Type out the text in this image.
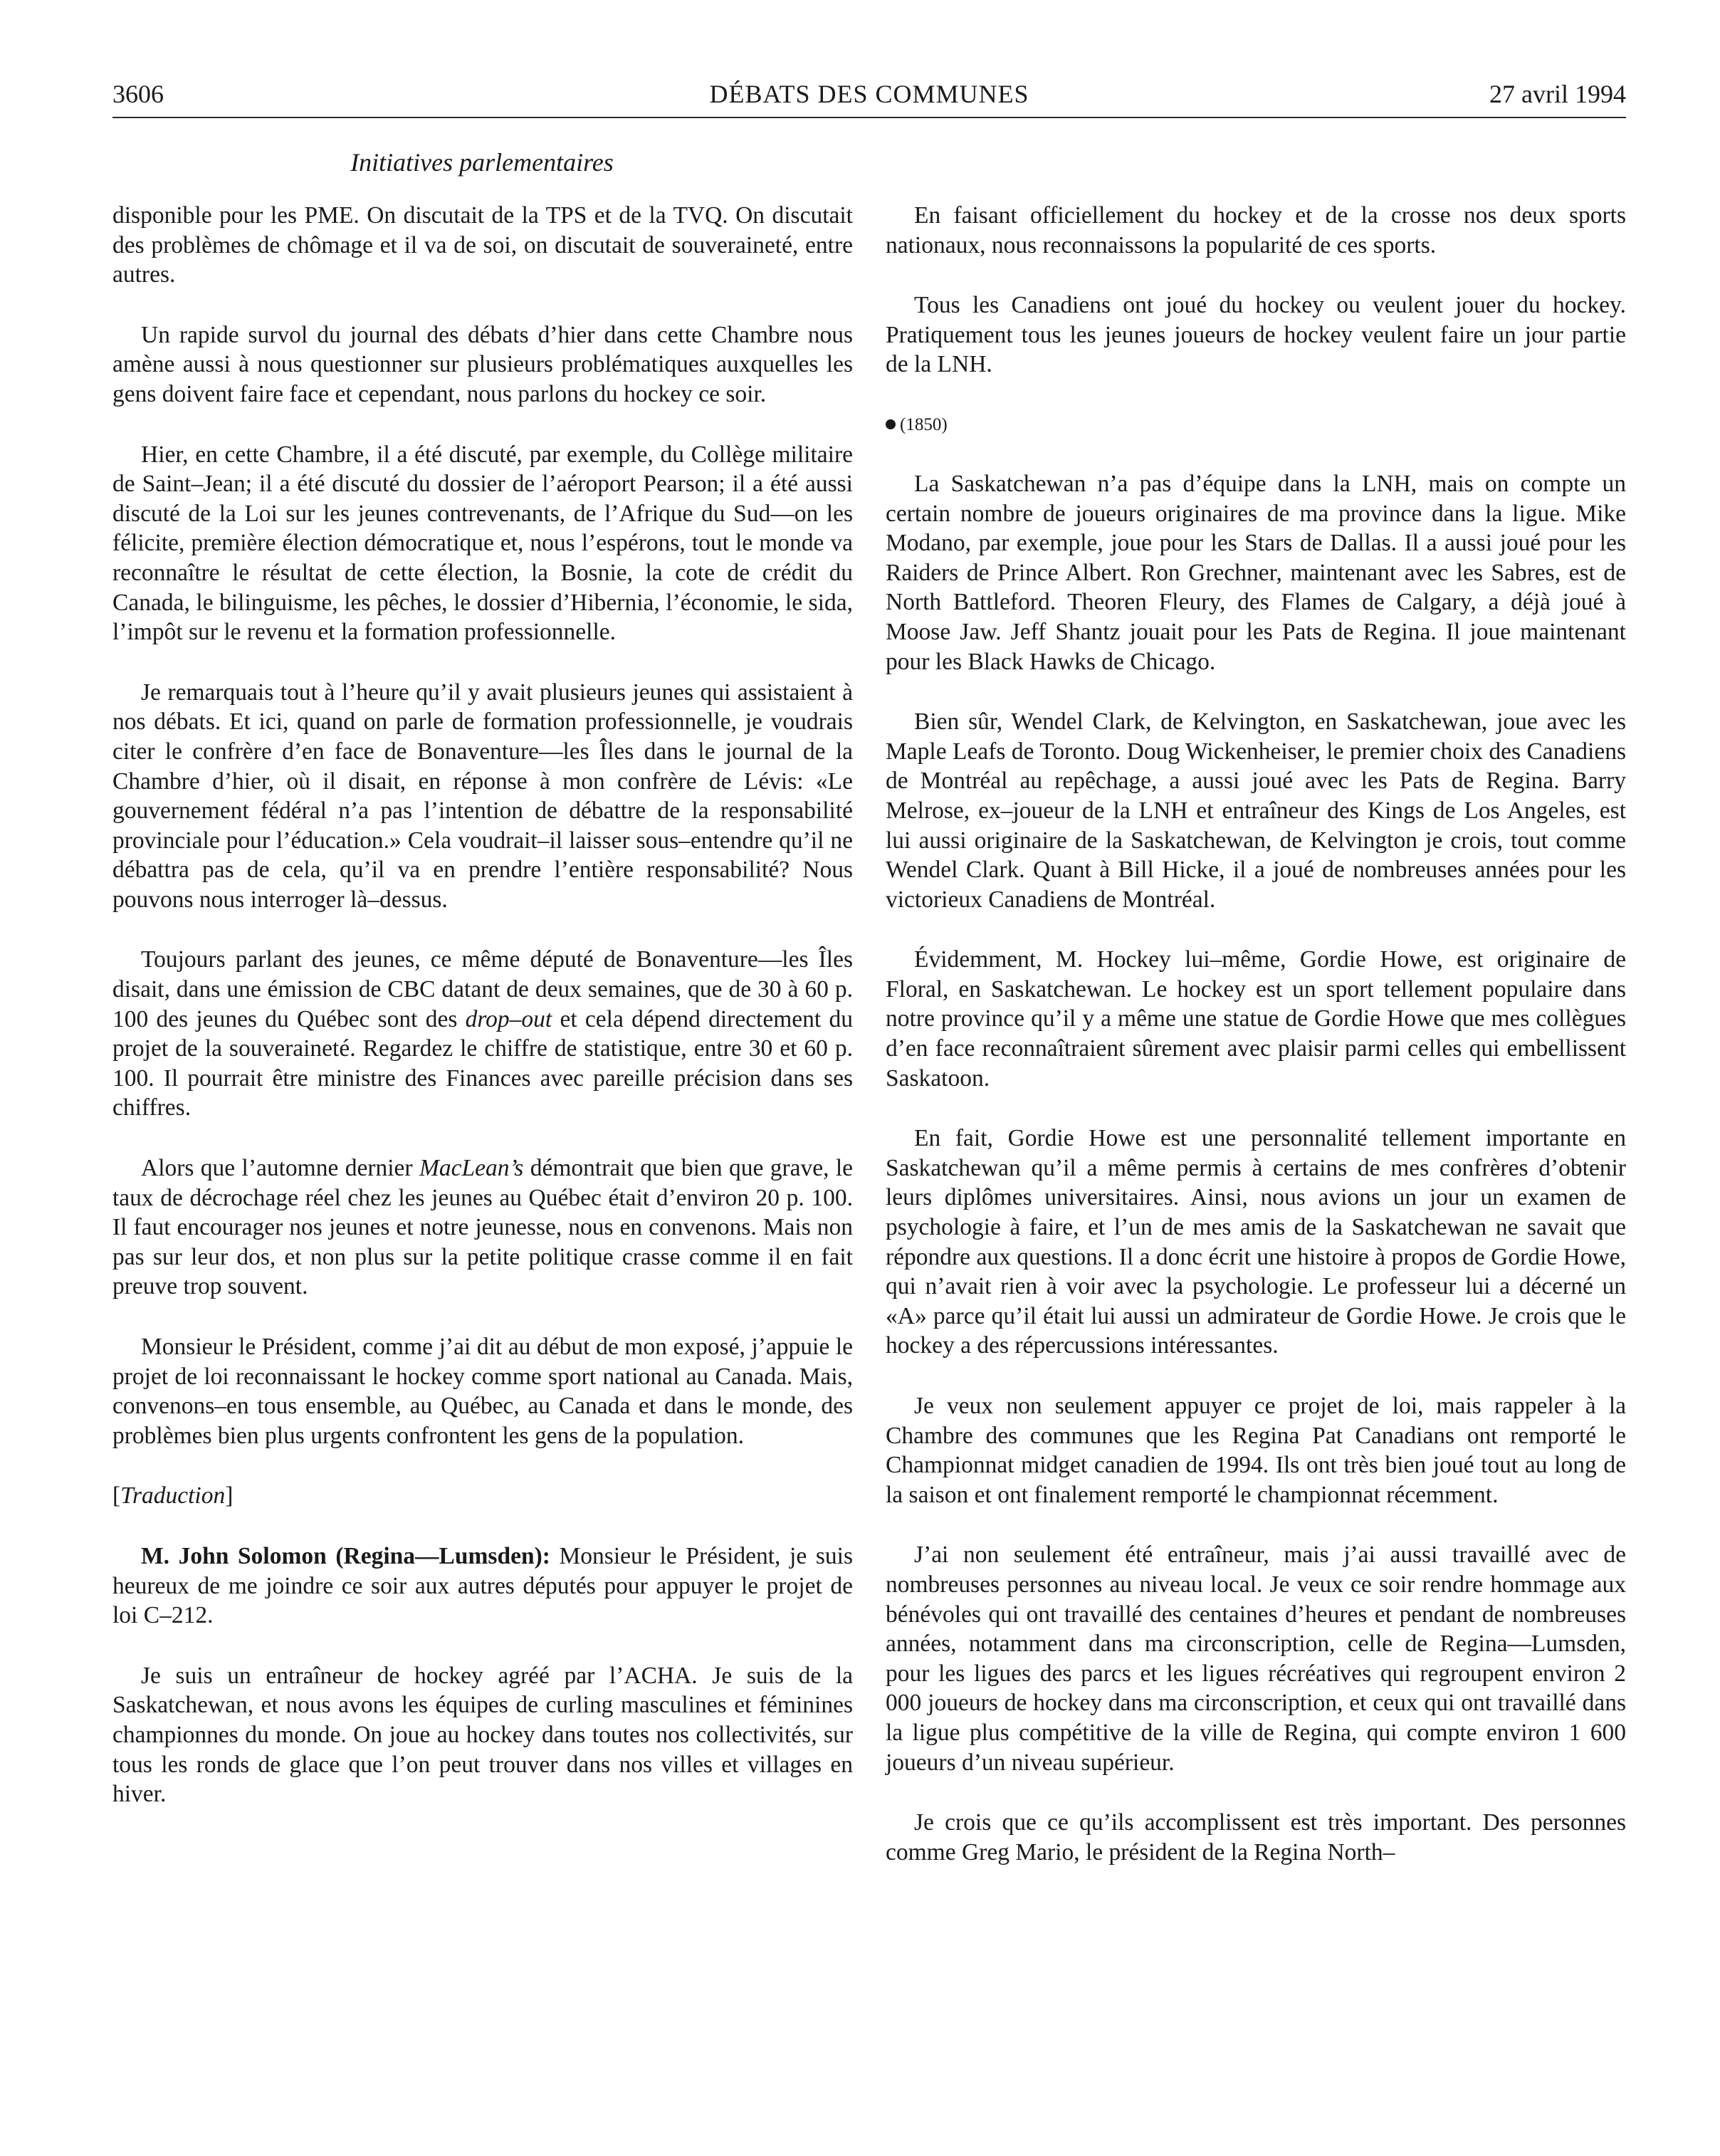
DÉBATS DES COMMUNES
3606	27 avril 1994
Initiatives parlementaires

disponible pour les PME. On discutait de la TPS et de la TVQ. On discutait des problèmes de chômage et il va de soi, on discutait de souveraineté, entre autres.

Un rapide survol du journal des débats d’hier dans cette Chambre nous amène aussi à nous questionner sur plusieurs problématiques auxquelles les gens doivent faire face et cependant, nous parlons du hockey ce soir.

Hier, en cette Chambre, il a été discuté, par exemple, du Collège militaire de Saint–Jean; il a été discuté du dossier de l’aéroport Pearson; il a été aussi discuté de la Loi sur les jeunes contrevenants, de l’Afrique du Sud—on les félicite, première élection démocratique et, nous l’espérons, tout le monde va reconnaître le résultat de cette élection, la Bosnie, la cote de crédit du Canada, le bilinguisme, les pêches, le dossier d’Hibernia, l’économie, le sida, l’impôt sur le revenu et la formation professionnelle.

Je remarquais tout à l’heure qu’il y avait plusieurs jeunes qui assistaient à nos débats. Et ici, quand on parle de formation professionnelle, je voudrais citer le confrère d’en face de Bonaventure—les Îles dans le journal de la Chambre d’hier, où il disait, en réponse à mon confrère de Lévis: «Le gouvernement fédéral n’a pas l’intention de débattre de la responsabilité provinciale pour l’éducation.» Cela voudrait–il laisser sous–entendre qu’il ne débattra pas de cela, qu’il va en prendre l’entière responsabilité? Nous pouvons nous interroger là–dessus.

Toujours parlant des jeunes, ce même député de Bonaventure—les Îles disait, dans une émission de CBC datant de deux semaines, que de 30 à 60 p. 100 des jeunes du Québec sont des drop–out et cela dépend directement du projet de la souveraineté. Regardez le chiffre de statistique, entre 30 et 60 p. 100. Il pourrait être ministre des Finances avec pareille précision dans ses chiffres.

Alors que l’automne dernier MacLean’s démontrait que bien que grave, le taux de décrochage réel chez les jeunes au Québec était d’environ 20 p. 100. Il faut encourager nos jeunes et notre jeunesse, nous en convenons. Mais non pas sur leur dos, et non plus sur la petite politique crasse comme il en fait preuve trop souvent.

Monsieur le Président, comme j’ai dit au début de mon exposé, j’appuie le projet de loi reconnaissant le hockey comme sport national au Canada. Mais, convenons–en tous ensemble, au Québec, au Canada et dans le monde, des problèmes bien plus urgents confrontent les gens de la population.

[Traduction]

M. John Solomon (Regina—Lumsden): Monsieur le Président, je suis heureux de me joindre ce soir aux autres députés pour appuyer le projet de loi C–212.

Je suis un entraîneur de hockey agréé par l’ACHA. Je suis de la Saskatchewan, et nous avons les équipes de curling masculines et féminines championnes du monde. On joue au hockey dans toutes nos collectivités, sur tous les ronds de glace que l’on peut trouver dans nos villes et villages en hiver.

En faisant officiellement du hockey et de la crosse nos deux sports nationaux, nous reconnaissons la popularité de ces sports.

Tous les Canadiens ont joué du hockey ou veulent jouer du hockey. Pratiquement tous les jeunes joueurs de hockey veulent faire un jour partie de la LNH.

(1850)

La Saskatchewan n’a pas d’équipe dans la LNH, mais on compte un certain nombre de joueurs originaires de ma province dans la ligue. Mike Modano, par exemple, joue pour les Stars de Dallas. Il a aussi joué pour les Raiders de Prince Albert. Ron Grechner, maintenant avec les Sabres, est de North Battleford. Theoren Fleury, des Flames de Calgary, a déjà joué à Moose Jaw. Jeff Shantz jouait pour les Pats de Regina. Il joue maintenant pour les Black Hawks de Chicago.

Bien sûr, Wendel Clark, de Kelvington, en Saskatchewan, joue avec les Maple Leafs de Toronto. Doug Wickenheiser, le premier choix des Canadiens de Montréal au repêchage, a aussi joué avec les Pats de Regina. Barry Melrose, ex–joueur de la LNH et entraîneur des Kings de Los Angeles, est lui aussi originaire de la Saskatchewan, de Kelvington je crois, tout comme Wendel Clark. Quant à Bill Hicke, il a joué de nombreuses années pour les victorieux Canadiens de Montréal.

Évidemment, M. Hockey lui–même, Gordie Howe, est originaire de Floral, en Saskatchewan. Le hockey est un sport tellement populaire dans notre province qu’il y a même une statue de Gordie Howe que mes collègues d’en face reconnaîtraient sûrement avec plaisir parmi celles qui embellissent Saskatoon.

En fait, Gordie Howe est une personnalité tellement importante en Saskatchewan qu’il a même permis à certains de mes confrères d’obtenir leurs diplômes universitaires. Ainsi, nous avions un jour un examen de psychologie à faire, et l’un de mes amis de la Saskatchewan ne savait que répondre aux questions. Il a donc écrit une histoire à propos de Gordie Howe, qui n’avait rien à voir avec la psychologie. Le professeur lui a décerné un «A» parce qu’il était lui aussi un admirateur de Gordie Howe. Je crois que le hockey a des répercussions intéressantes.

Je veux non seulement appuyer ce projet de loi, mais rappeler à la Chambre des communes que les Regina Pat Canadians ont remporté le Championnat midget canadien de 1994. Ils ont très bien joué tout au long de la saison et ont finalement remporté le championnat récemment.

J’ai non seulement été entraîneur, mais j’ai aussi travaillé avec de nombreuses personnes au niveau local. Je veux ce soir rendre hommage aux bénévoles qui ont travaillé des centaines d’heures et pendant de nombreuses années, notamment dans ma circonscription, celle de Regina—Lumsden, pour les ligues des parcs et les ligues récréatives qui regroupent environ 2 000 joueurs de hockey dans ma circonscription, et ceux qui ont travaillé dans la ligue plus compétitive de la ville de Regina, qui compte environ 1 600 joueurs d’un niveau supérieur.

Je crois que ce qu’ils accomplissent est très important. Des personnes comme Greg Mario, le président de la Regina North–
